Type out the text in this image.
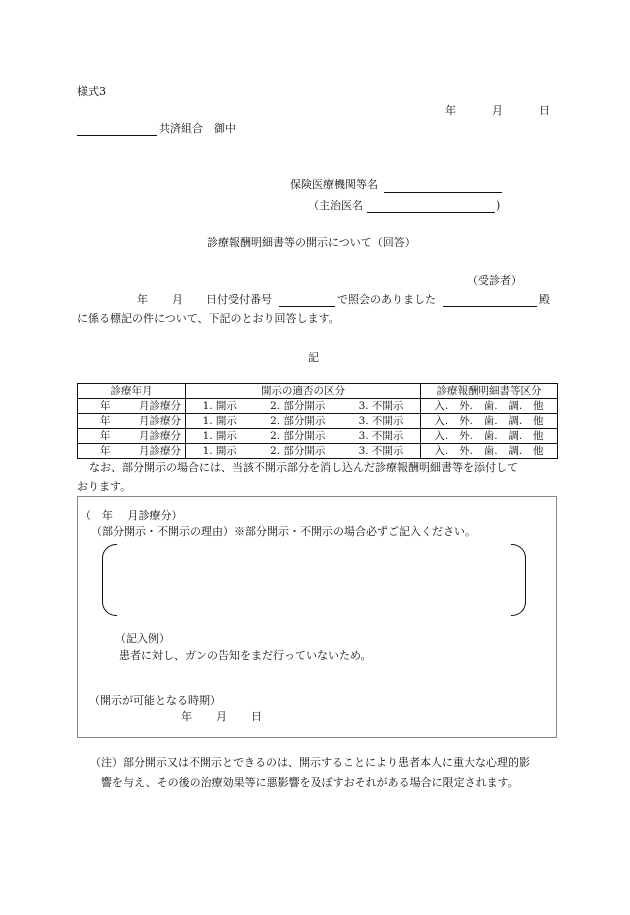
様式3
年	月	日
共済組合　御中
保険医療機関等名
（主治医名	)
診療報酬明細書等の開示について（回答）
（受診者）
年 月 日付受付番号	で照会のありました	殿
に係る標記の件について、下記のとおり回答します。
記
診療年月	開示の適否の区分	診療報酬明細書等区分

年 月診療分	1. 開示 2. 部分開示 3. 不開示	入. 外. 歯. 調. 他

年 月診療分	1. 開示 2. 部分開示 3. 不開示	入. 外. 歯. 調. 他

年 月診療分	1. 開示 2. 部分開示 3. 不開示	入. 外. 歯. 調. 他

年 月診療分	1. 開示 2. 部分開示 3. 不開示	入. 外. 歯. 調. 他
なお、部分開示の場合には、当該不開示部分を消し込んだ診療報酬明細書等を添付して
おります。
（　年　 月診療分）
（部分開示・不開示の理由）※部分開示・不開示の場合必ずご記入ください。
（記入例）
患者に対し、ガンの告知をまだ行っていないため。
（開示が可能となる時期）
年 月 日
（注）部分開示又は不開示とできるのは、開示することにより患者本人に重大な心理的影
響を与え、その後の治療効果等に悪影響を及ぼすおそれがある場合に限定されます。
